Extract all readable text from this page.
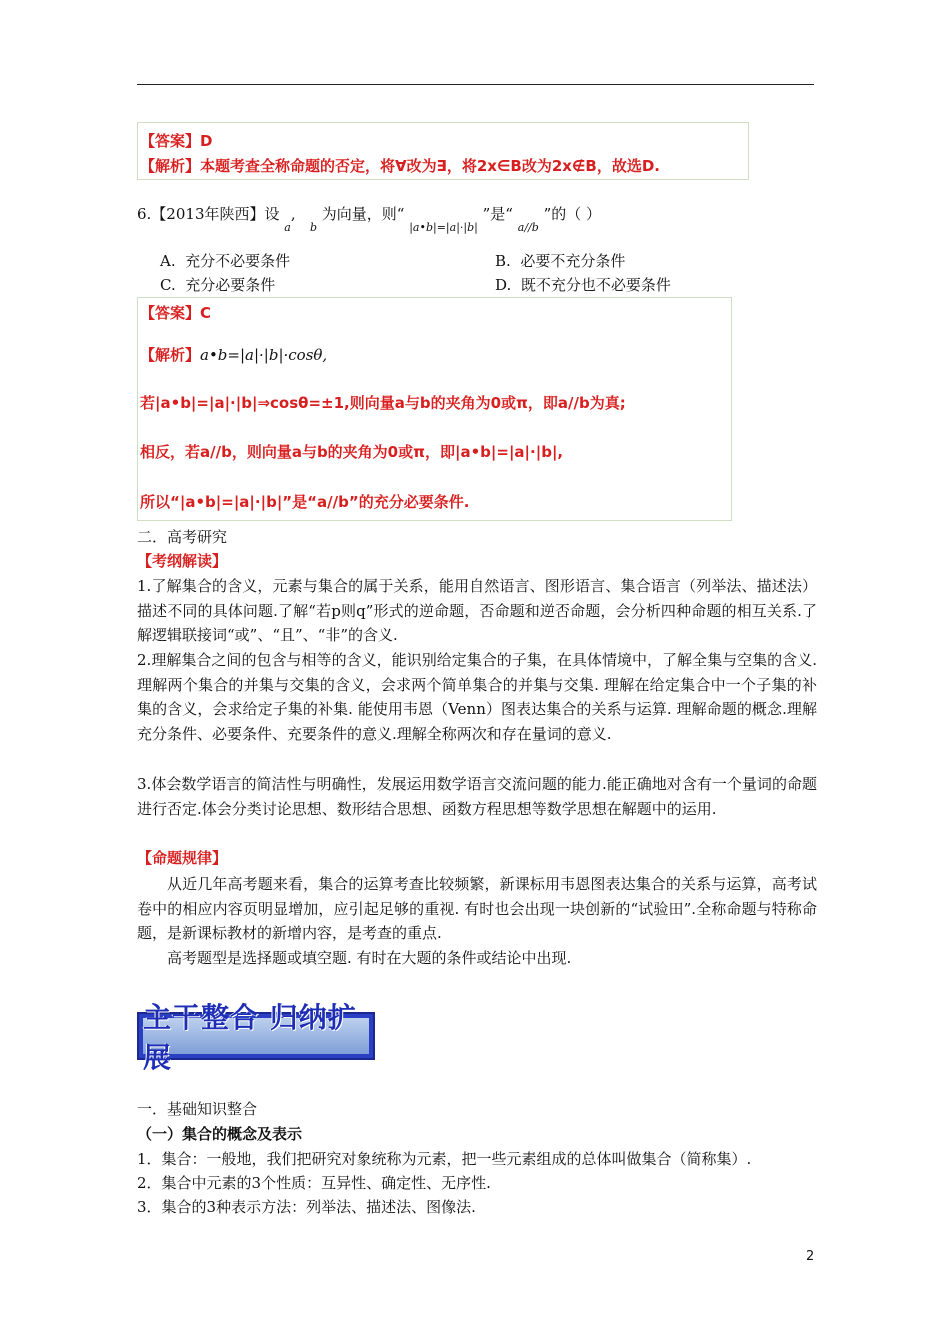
【答案】D
【解析】本题考查全称命题的否定，将∀改为∃，将2x∈B改为2x∉B，故选D.
6.【2013年陕西】设 $_a$,   $_b$ 为向量，则“ $_{|a•b|=|a|\cdot|b|}$ ”是“ $_{a//b}$ ”的（ ）
A. 充分不必要条件	B. 必要不充分条件
C. 充分必要条件	D. 既不充分也不必要条件
【答案】C
【解析】a•b=|a|·|b|·cosθ,
若|a•b|=|a|·|b|⇒cosθ=±1,则向量a与b的夹角为0或π，即a//b为真;
相反，若a//b，则向量a与b的夹角为0或π，即|a•b|=|a|·|b|,
所以“|a•b|=|a|·|b|”是“a//b”的充分必要条件.
二．高考研究
【考纲解读】
1.了解集合的含义，元素与集合的属于关系，能用自然语言、图形语言、集合语言（列举法、描述法）描述不同的具体问题.了解“若p则q”形式的逆命题，否命题和逆否命题，会分析四种命题的相互关系.了解逻辑联接词“或”、“且”、“非”的含义.
2.理解集合之间的包含与相等的含义，能识别给定集合的子集，在具体情境中，了解全集与空集的含义.理解两个集合的并集与交集的含义，会求两个简单集合的并集与交集. 理解在给定集合中一个子集的补集的含义，会求给定子集的补集. 能使用韦恩（Venn）图表达集合的关系与运算. 理解命题的概念.理解充分条件、必要条件、充要条件的意义.理解全称两次和存在量词的意义.
3.体会数学语言的简洁性与明确性，发展运用数学语言交流问题的能力.能正确地对含有一个量词的命题进行否定.体会分类讨论思想、数形结合思想、函数方程思想等数学思想在解题中的运用.
【命题规律】
从近几年高考题来看，集合的运算考查比较频繁，新课标用韦恩图表达集合的关系与运算，高考试卷中的相应内容页明显增加，应引起足够的重视. 有时也会出现一块创新的“试验田”.全称命题与特称命题，是新课标教材的新增内容，是考查的重点.
高考题型是选择题或填空题. 有时在大题的条件或结论中出现.
主干整合 归纳扩展
一．基础知识整合
（一）集合的概念及表示
1．集合：一般地，我们把研究对象统称为元素，把一些元素组成的总体叫做集合（简称集）.
2．集合中元素的3个性质：互异性、确定性、无序性.
3．集合的3种表示方法：列举法、描述法、图像法.
2
